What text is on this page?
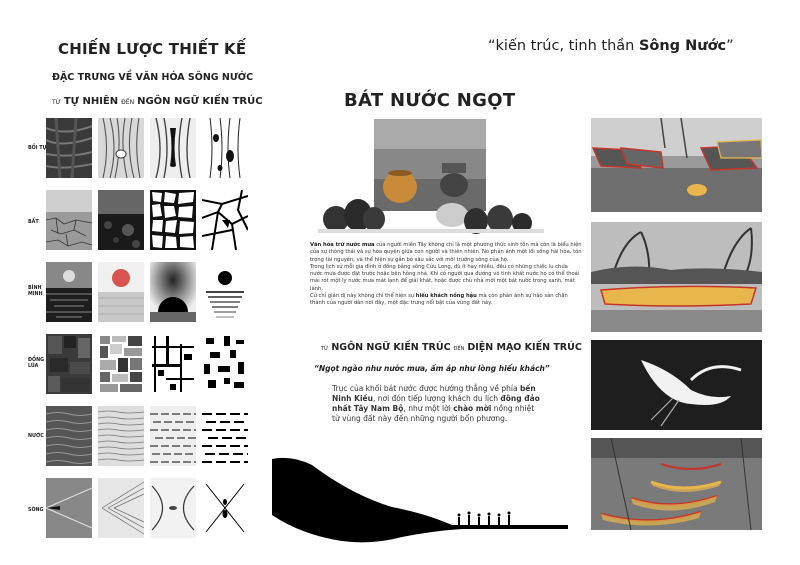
CHIẾN LƯỢC THIẾT KẾ
ĐẶC TRƯNG VỀ VĂN HÓA SÔNG NƯỚC
TỪ TỰ NHIÊN ĐẾN NGÔN NGỮ KIẾN TRÚC
“kiến trúc, tinh thần Sông Nước”
BỒI TỤ
BẤT
BÌNH MINH
ĐỒNG LÚA
NƯỚC
SÓNG
BÁT NƯỚC NGỌT
Văn hóa trữ nước mưa của người miền Tây không chỉ là một phương thức sinh tồn mà còn là biểu hiện của sự thông thái và sự hòa quyện giữa con người và thiên nhiên. Nó phản ánh một lối sống hài hòa, tôn trọng tài nguyên, và thể hiện sự gắn bó sâu sắc với môi trường sông của họ.
Trong lịch sử mỗi gia đình ở đồng bằng sông Cửu Long, dù ít hay nhiều, đều có những chiếc lu chứa nước mưa được đặt trước hoặc bên hông nhà. Khi có người qua đường vô tình khát nước họ có thể thoải mái rót một ly nước mưa mát lạnh để giải khát, hoặc được chủ nhà mời một bát nước trong xanh, mát lành.
Cử chỉ giản dị này không chỉ thể hiện sự hiếu khách nồng hậu mà còn phản ánh sự hào sản chân thành của người dân nơi đây, một đặc trưng nổi bật của vùng đất này.
TỪ NGÔN NGỮ KIẾN TRÚC ĐẾN DIỆN MẠO KIẾN TRÚC
“Ngọt ngào như nước mưa, ấm áp như lòng hiếu khách”
Trục của khối bát nước được hướng thẳng về phía bến Ninh Kiều, nơi đón tiếp lượng khách du lịch đông đảo nhất Tây Nam Bộ, như một lời chào mời nồng nhiệt từ vùng đất này đến những người bốn phương.
